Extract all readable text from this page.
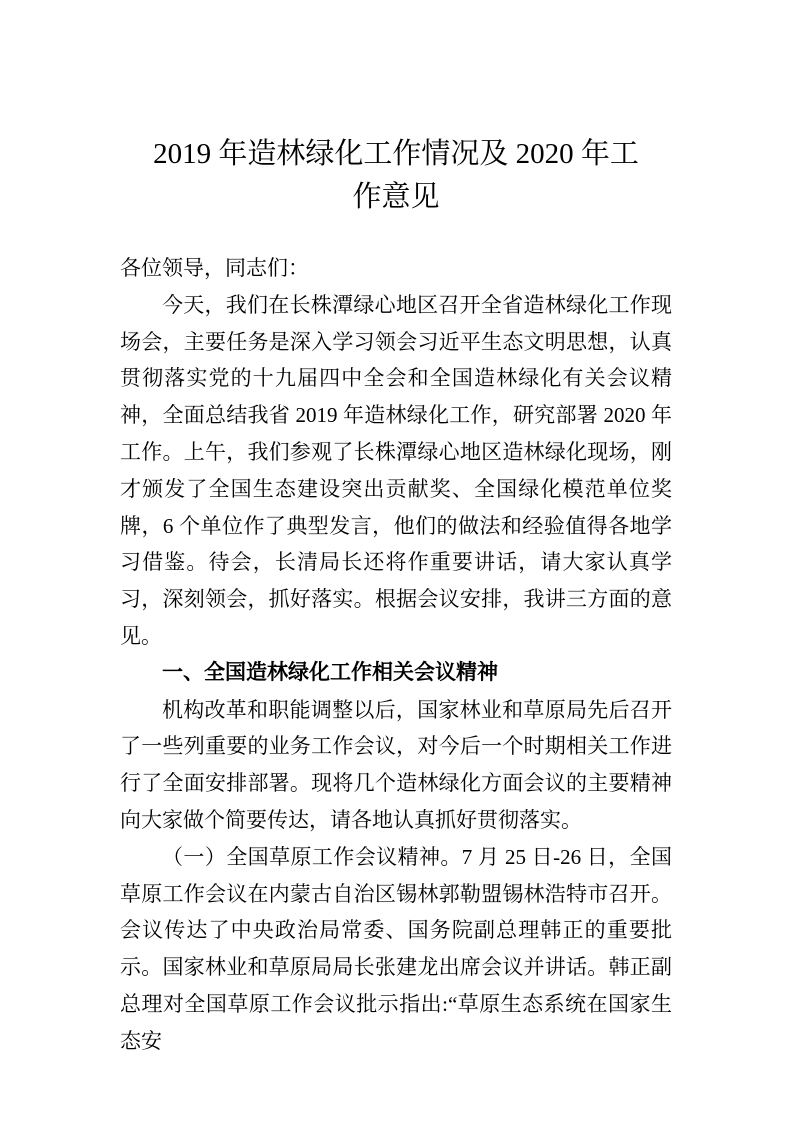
2019 年造林绿化工作情况及 2020 年工作意见

各位领导，同志们：

今天，我们在长株潭绿心地区召开全省造林绿化工作现场会，主要任务是深入学习领会习近平生态文明思想，认真贯彻落实党的十九届四中全会和全国造林绿化有关会议精神，全面总结我省 2019 年造林绿化工作，研究部署 2020 年工作。上午，我们参观了长株潭绿心地区造林绿化现场，刚才颁发了全国生态建设突出贡献奖、全国绿化模范单位奖牌，6 个单位作了典型发言，他们的做法和经验值得各地学习借鉴。待会，长清局长还将作重要讲话，请大家认真学习，深刻领会，抓好落实。根据会议安排，我讲三方面的意见。

一、全国造林绿化工作相关会议精神

机构改革和职能调整以后，国家林业和草原局先后召开了一些列重要的业务工作会议，对今后一个时期相关工作进行了全面安排部署。现将几个造林绿化方面会议的主要精神向大家做个简要传达，请各地认真抓好贯彻落实。

（一）全国草原工作会议精神。7 月 25 日-26 日，全国草原工作会议在内蒙古自治区锡林郭勒盟锡林浩特市召开。会议传达了中央政治局常委、国务院副总理韩正的重要批示。国家林业和草原局局长张建龙出席会议并讲话。韩正副总理对全国草原工作会议批示指出:“草原生态系统在国家生态安
